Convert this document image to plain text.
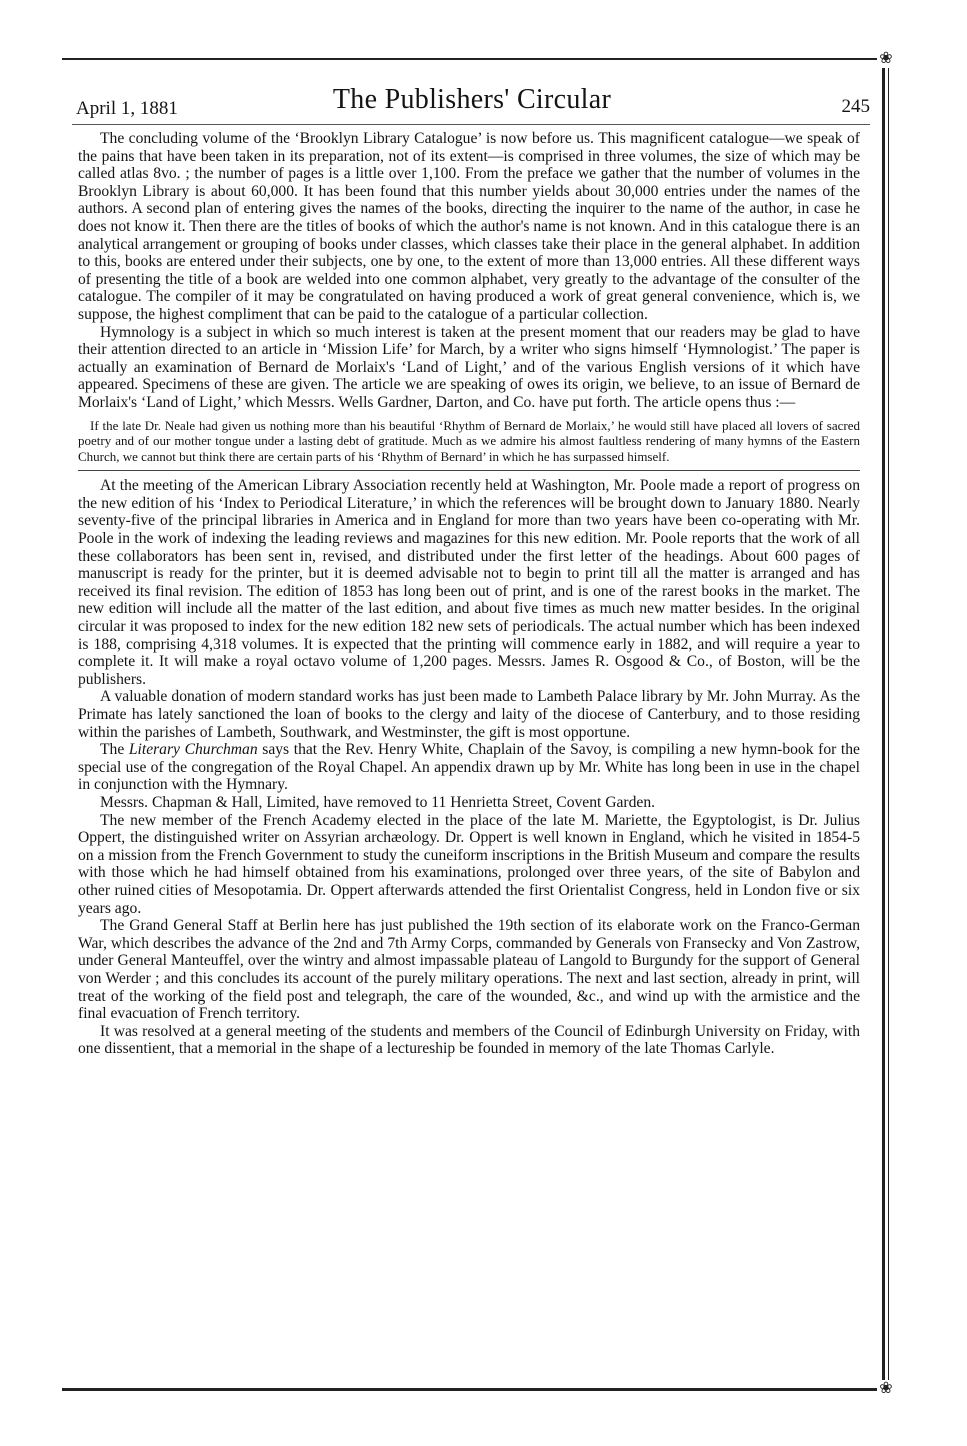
❀
❀
April 1, 1881	The Publishers' Circular	245

The concluding volume of the ‘Brooklyn Library Catalogue’ is now before us. This magnificent catalogue—we speak of the pains that have been taken in its preparation, not of its extent—is comprised in three volumes, the size of which may be called atlas 8vo. ; the number of pages is a little over 1,100. From the preface we gather that the number of volumes in the Brooklyn Library is about 60,000. It has been found that this number yields about 30,000 entries under the names of the authors. A second plan of entering gives the names of the books, directing the inquirer to the name of the author, in case he does not know it. Then there are the titles of books of which the author's name is not known. And in this catalogue there is an analytical arrangement or grouping of books under classes, which classes take their place in the general alphabet. In addition to this, books are entered under their subjects, one by one, to the extent of more than 13,000 entries. All these different ways of presenting the title of a book are welded into one common alphabet, very greatly to the advantage of the consulter of the catalogue. The compiler of it may be congratulated on having produced a work of great general convenience, which is, we suppose, the highest compliment that can be paid to the catalogue of a particular collection.

Hymnology is a subject in which so much interest is taken at the present moment that our readers may be glad to have their attention directed to an article in ‘Mission Life’ for March, by a writer who signs himself ‘Hymnologist.’ The paper is actually an examination of Bernard de Morlaix's ‘Land of Light,’ and of the various English versions of it which have appeared. Specimens of these are given. The article we are speaking of owes its origin, we believe, to an issue of Bernard de Morlaix's ‘Land of Light,’ which Messrs. Wells Gardner, Darton, and Co. have put forth. The article opens thus :—

If the late Dr. Neale had given us nothing more than his beautiful ‘Rhythm of Bernard de Morlaix,’ he would still have placed all lovers of sacred poetry and of our mother tongue under a lasting debt of gratitude. Much as we admire his almost faultless rendering of many hymns of the Eastern Church, we cannot but think there are certain parts of his ‘Rhythm of Bernard’ in which he has surpassed himself.

At the meeting of the American Library Association recently held at Washington, Mr. Poole made a report of progress on the new edition of his ‘Index to Periodical Literature,’ in which the references will be brought down to January 1880. Nearly seventy-five of the principal libraries in America and in England for more than two years have been co-operating with Mr. Poole in the work of indexing the leading reviews and magazines for this new edition. Mr. Poole reports that the work of all these collaborators has been sent in, revised, and distributed under the first letter of the headings. About 600 pages of manuscript is ready for the printer, but it is deemed advisable not to begin to print till all the matter is arranged and has received its final revision. The edition of 1853 has long been out of print, and is one of the rarest books in the market. The new edition will include all the matter of the last edition, and about five times as much new matter besides. In the original circular it was proposed to index for the new edition 182 new sets of periodicals. The actual number which has been indexed is 188, comprising 4,318 volumes. It is expected that the printing will commence early in 1882, and will require a year to complete it. It will make a royal octavo volume of 1,200 pages. Messrs. James R. Osgood & Co., of Boston, will be the publishers.

A valuable donation of modern standard works has just been made to Lambeth Palace library by Mr. John Murray. As the Primate has lately sanctioned the loan of books to the clergy and laity of the diocese of Canterbury, and to those residing within the parishes of Lambeth, Southwark, and Westminster, the gift is most opportune.

The Literary Churchman says that the Rev. Henry White, Chaplain of the Savoy, is compiling a new hymn-book for the special use of the congregation of the Royal Chapel. An appendix drawn up by Mr. White has long been in use in the chapel in conjunction with the Hymnary.

Messrs. Chapman & Hall, Limited, have removed to 11 Henrietta Street, Covent Garden.

The new member of the French Academy elected in the place of the late M. Mariette, the Egyptologist, is Dr. Julius Oppert, the distinguished writer on Assyrian archæology. Dr. Oppert is well known in England, which he visited in 1854-5 on a mission from the French Government to study the cuneiform inscriptions in the British Museum and compare the results with those which he had himself obtained from his examinations, prolonged over three years, of the site of Babylon and other ruined cities of Mesopotamia. Dr. Oppert afterwards attended the first Orientalist Congress, held in London five or six years ago.

The Grand General Staff at Berlin here has just published the 19th section of its elaborate work on the Franco-German War, which describes the advance of the 2nd and 7th Army Corps, commanded by Generals von Fransecky and Von Zastrow, under General Manteuffel, over the wintry and almost impassable plateau of Langold to Burgundy for the support of General von Werder ; and this concludes its account of the purely military operations. The next and last section, already in print, will treat of the working of the field post and telegraph, the care of the wounded, &c., and wind up with the armistice and the final evacuation of French territory.

It was resolved at a general meeting of the students and members of the Council of Edinburgh University on Friday, with one dissentient, that a memorial in the shape of a lectureship be founded in memory of the late Thomas Carlyle.
